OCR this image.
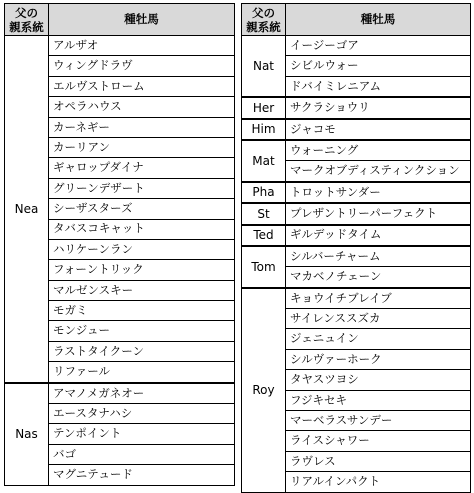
父の
親系統	種牡馬
Nea	アルザオ
	ウィングドラヴ
	エルヴストローム
	オペラハウス
	カーネギー
	カーリアン
	ギャロップダイナ
	グリーンデザート
	シーザスターズ
	タバスコキャット
	ハリケーンラン
	フォーントリック
	マルゼンスキー
	モガミ
	モンジュー
	ラストタイクーン
	リファール
Nas	アマノメガネオー
	エースタナハシ
	テンポイント
	バゴ
	マグニテュード
父の
親系統	種牡馬
Nat	イージーゴア
	シビルウォー
	ドバイミレニアム
Her	サクラショウリ
Him	ジャコモ
Mat	ウォーニング
	マークオブディスティンクション
Pha	トロットサンダー
St	プレザントリーパーフェクト
Ted	ギルデッドタイム
Tom	シルバーチャーム
	マカベノチェーン
Roy	キョウイチブレイブ
	サイレンススズカ
	ジェニュイン
	シルヴァーホーク
	タヤスツヨシ
	フジキセキ
	マーベラスサンデー
	ライスシャワー
	ラヴレス
	リアルインパクト
